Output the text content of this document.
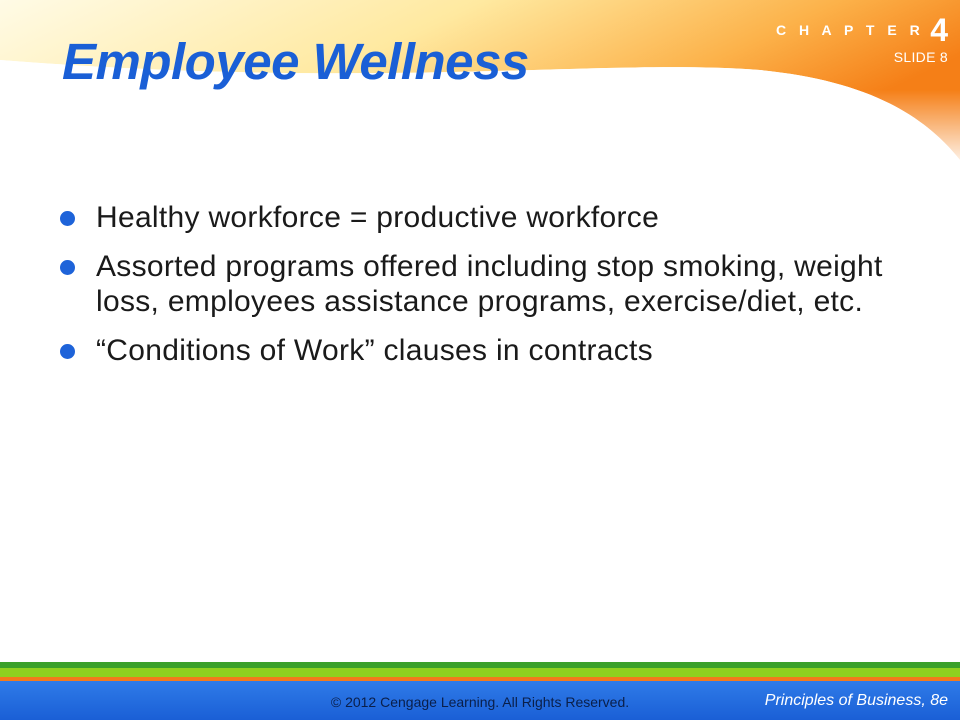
Employee Wellness
C H A P T E R 4
SLIDE 8
Healthy workforce = productive workforce
Assorted programs offered including stop smoking, weight loss, employees assistance programs, exercise/diet, etc.
“Conditions of Work” clauses in contracts
© 2012 Cengage Learning. All Rights Reserved.	Principles of Business, 8e
